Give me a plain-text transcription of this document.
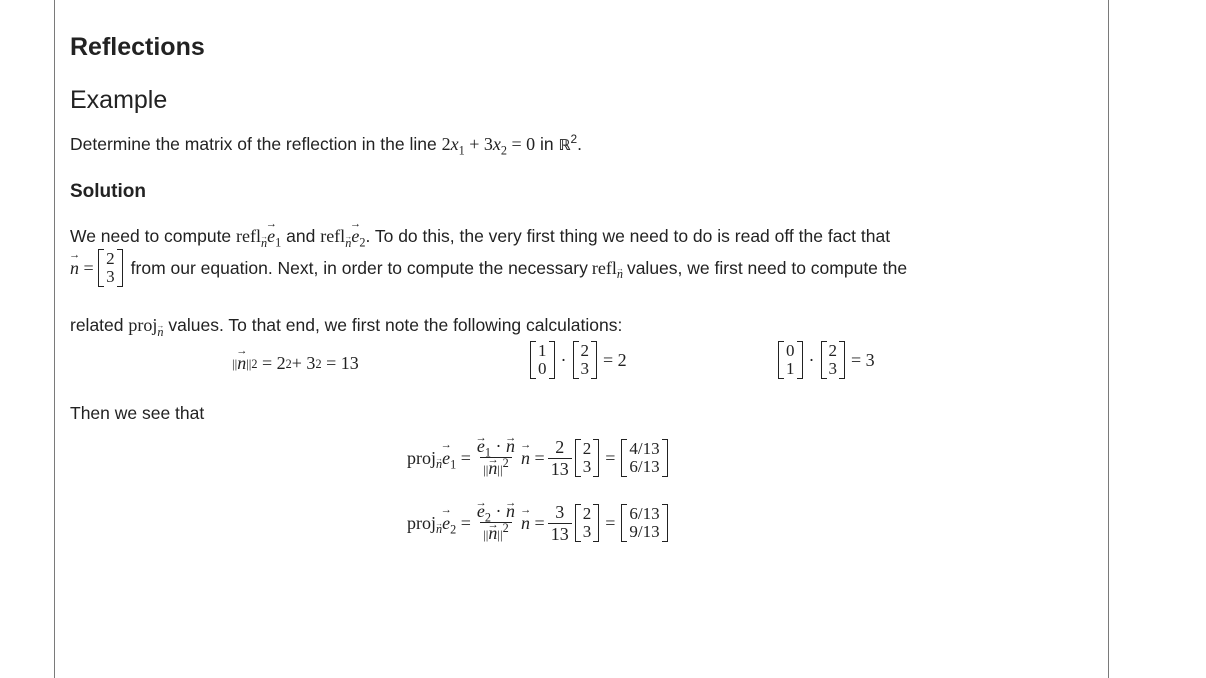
Reflections
Example
Determine the matrix of the reflection in the line $2x_1 + 3x_2 = 0$ in ℝ$^2$.
Solution
We need to compute refl$_n$→ $e_1$ and refl$_n$→ $e_2$. To do this, the very first thing we need to do is read off the fact that
→ n = 2
3 from our equation. Next, in order to compute the necessary refl$_n$ values, we first need to compute the
related proj$_n$ values. To that end, we first note the following calculations:
||
→ n || 2
= 2 2 + 3 2
= 13
1
0 · 2
3 = 2	0
1 · 2
3 = 3
Then we see that
proj$_n$→ $e_1$ =
→ $\frac{e_1 \cdot \to n}{||\to n||^2}$
→ $n = \frac{2}{13} 2$
3 = 4/13
6/13
proj$_n$→ $e_2$ =
→ $\frac{e_2 \cdot \to n}{||\to n||^2}$
→ $n = \frac{3}{13} 2$
3 = 6/13
9/13
